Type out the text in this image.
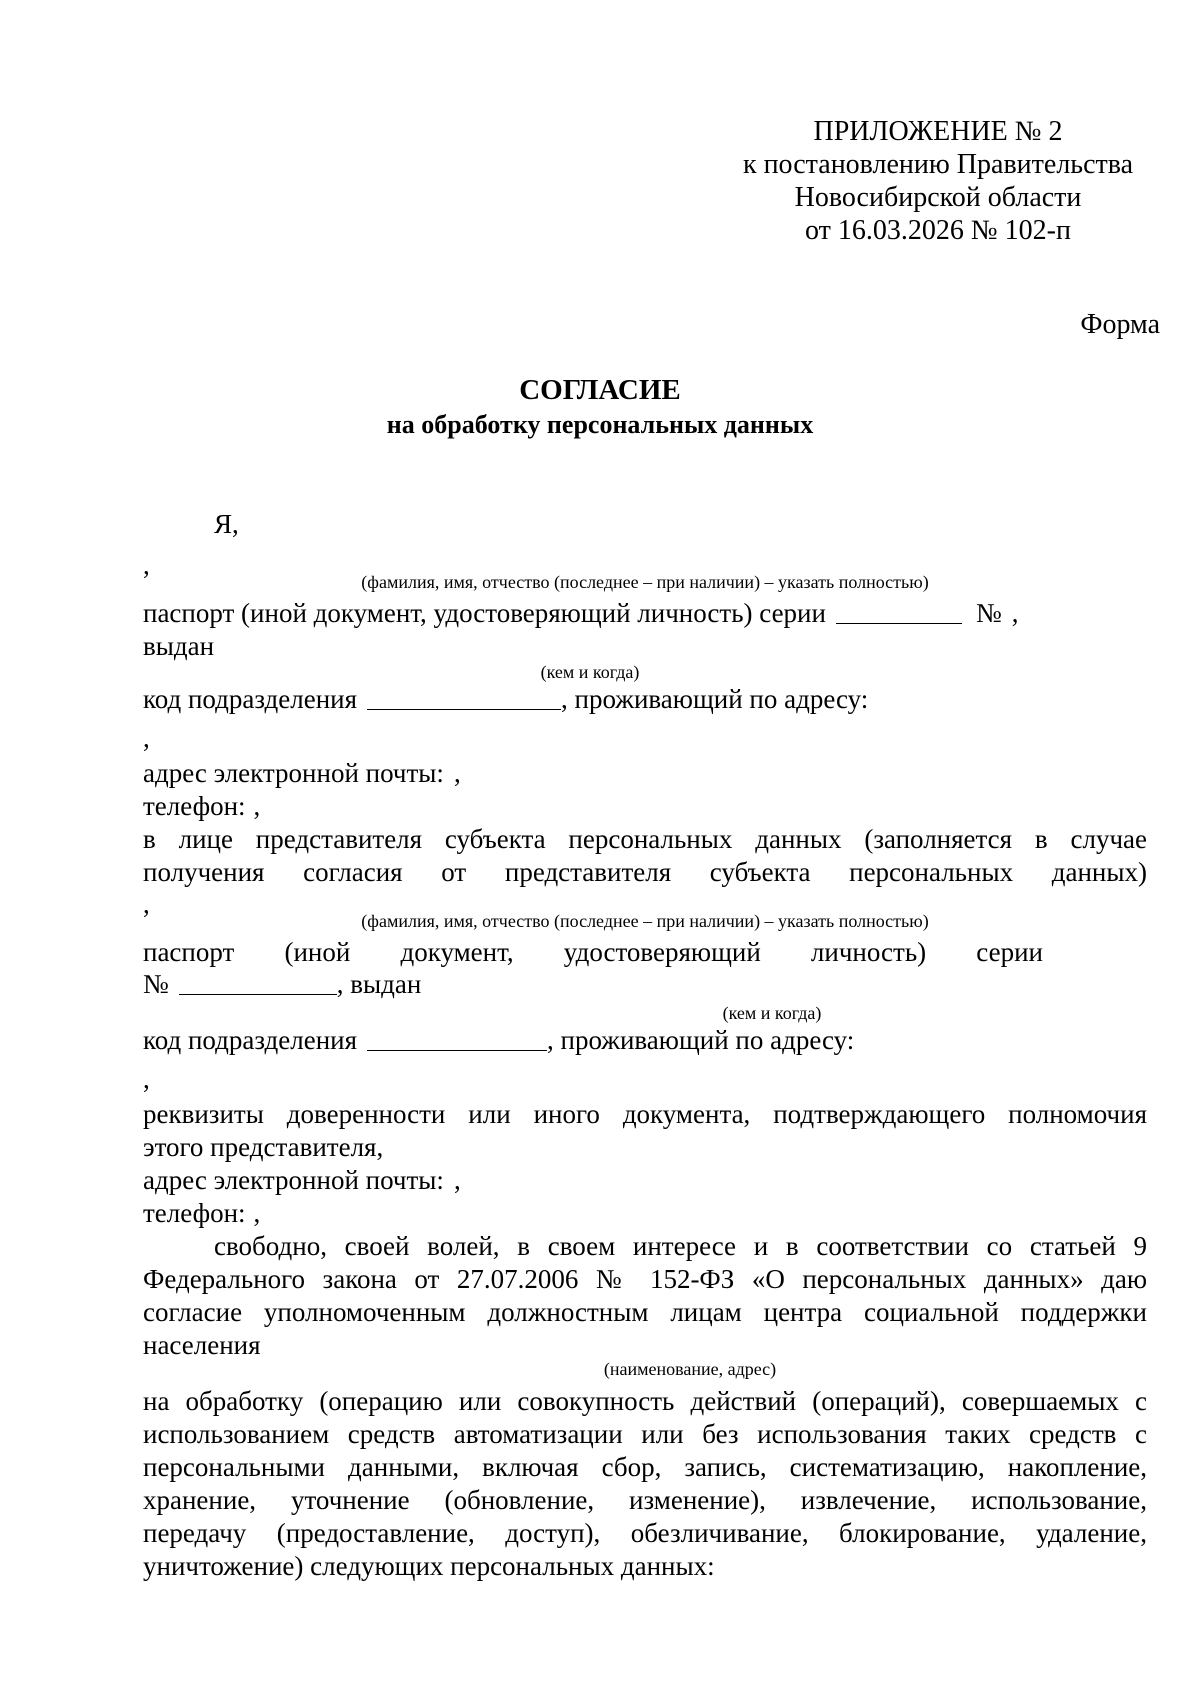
ПРИЛОЖЕНИЕ № 2
к постановлению Правительства
Новосибирской области
от 16.03.2026 № 102-п
Форма
СОГЛАСИЕ
на обработку персональных данных
Я,
,
(фамилия, имя, отчество (последнее – при наличии) – указать полностью)
паспорт (иной документ, удостоверяющий личность) серии	№ ,
выдан
(кем и когда)
код подразделения	, проживающий по адресу:
,
адрес электронной почты: ,
телефон: ,
в лице представителя субъекта персональных данных (заполняется в случае
получения согласия от представителя субъекта персональных данных)
,
(фамилия, имя, отчество (последнее – при наличии) – указать полностью)
паспорт (иной документ, удостоверяющий личность) серии
№	, выдан
(кем и когда)
код подразделения	, проживающий по адресу:
,
реквизиты доверенности или иного документа, подтверждающего полномочия
этого представителя,
адрес электронной почты: ,
телефон: ,
свободно, своей волей, в своем интересе и в соответствии со статьей 9
Федерального закона от 27.07.2006 № 152-ФЗ «О персональных данных» даю
согласие уполномоченным должностным лицам центра социальной поддержки
населения
(наименование, адрес)
на обработку (операцию или совокупность действий (операций), совершаемых с
использованием средств автоматизации или без использования таких средств с
персональными данными, включая сбор, запись, систематизацию, накопление,
хранение, уточнение (обновление, изменение), извлечение, использование,
передачу (предоставление, доступ), обезличивание, блокирование, удаление,
уничтожение) следующих персональных данных:
